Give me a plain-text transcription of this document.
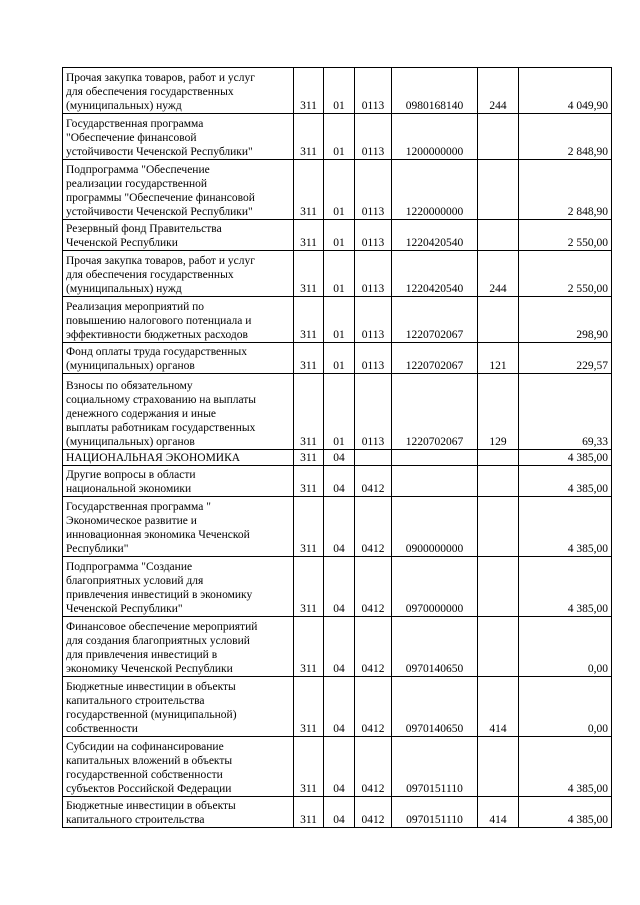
Прочая закупка товаров, работ и услуг
для обеспечения государственных
(муниципальных) нужд	311	01	0113	0980168140	244	4 049,90
Государственная программа
"Обеспечение финансовой
устойчивости Чеченской Республики"	311	01	0113	1200000000		2 848,90
Подпрограмма "Обеспечение
реализации государственной
программы "Обеспечение финансовой
устойчивости Чеченской Республики"	311	01	0113	1220000000		2 848,90
Резервный фонд Правительства
Чеченской Республики	311	01	0113	1220420540		2 550,00
Прочая закупка товаров, работ и услуг
для обеспечения государственных
(муниципальных) нужд	311	01	0113	1220420540	244	2 550,00
Реализация мероприятий по
повышению налогового потенциала и
эффективности бюджетных расходов	311	01	0113	1220702067		298,90
Фонд оплаты труда государственных
(муниципальных) органов	311	01	0113	1220702067	121	229,57
Взносы по обязательному
социальному страхованию на выплаты
денежного содержания и иные
выплаты работникам государственных
(муниципальных) органов	311	01	0113	1220702067	129	69,33
НАЦИОНАЛЬНАЯ ЭКОНОМИКА	311	04				4 385,00
Другие вопросы в области
национальной экономики	311	04	0412			4 385,00
Государственная программа "
Экономическое развитие и
инновационная экономика Чеченской
Республики"	311	04	0412	0900000000		4 385,00
Подпрограмма "Создание
благоприятных условий для
привлечения инвестиций в экономику
Чеченской Республики"	311	04	0412	0970000000		4 385,00
Финансовое обеспечение мероприятий
для создания благоприятных условий
для привлечения инвестиций в
экономику Чеченской Республики	311	04	0412	0970140650		0,00
Бюджетные инвестиции в объекты
капитального строительства
государственной (муниципальной)
собственности	311	04	0412	0970140650	414	0,00
Субсидии на софинансирование
капитальных вложений в объекты
государственной собственности
субъектов Российской Федерации	311	04	0412	0970151110		4 385,00
Бюджетные инвестиции в объекты
капитального строительства	311	04	0412	0970151110	414	4 385,00
